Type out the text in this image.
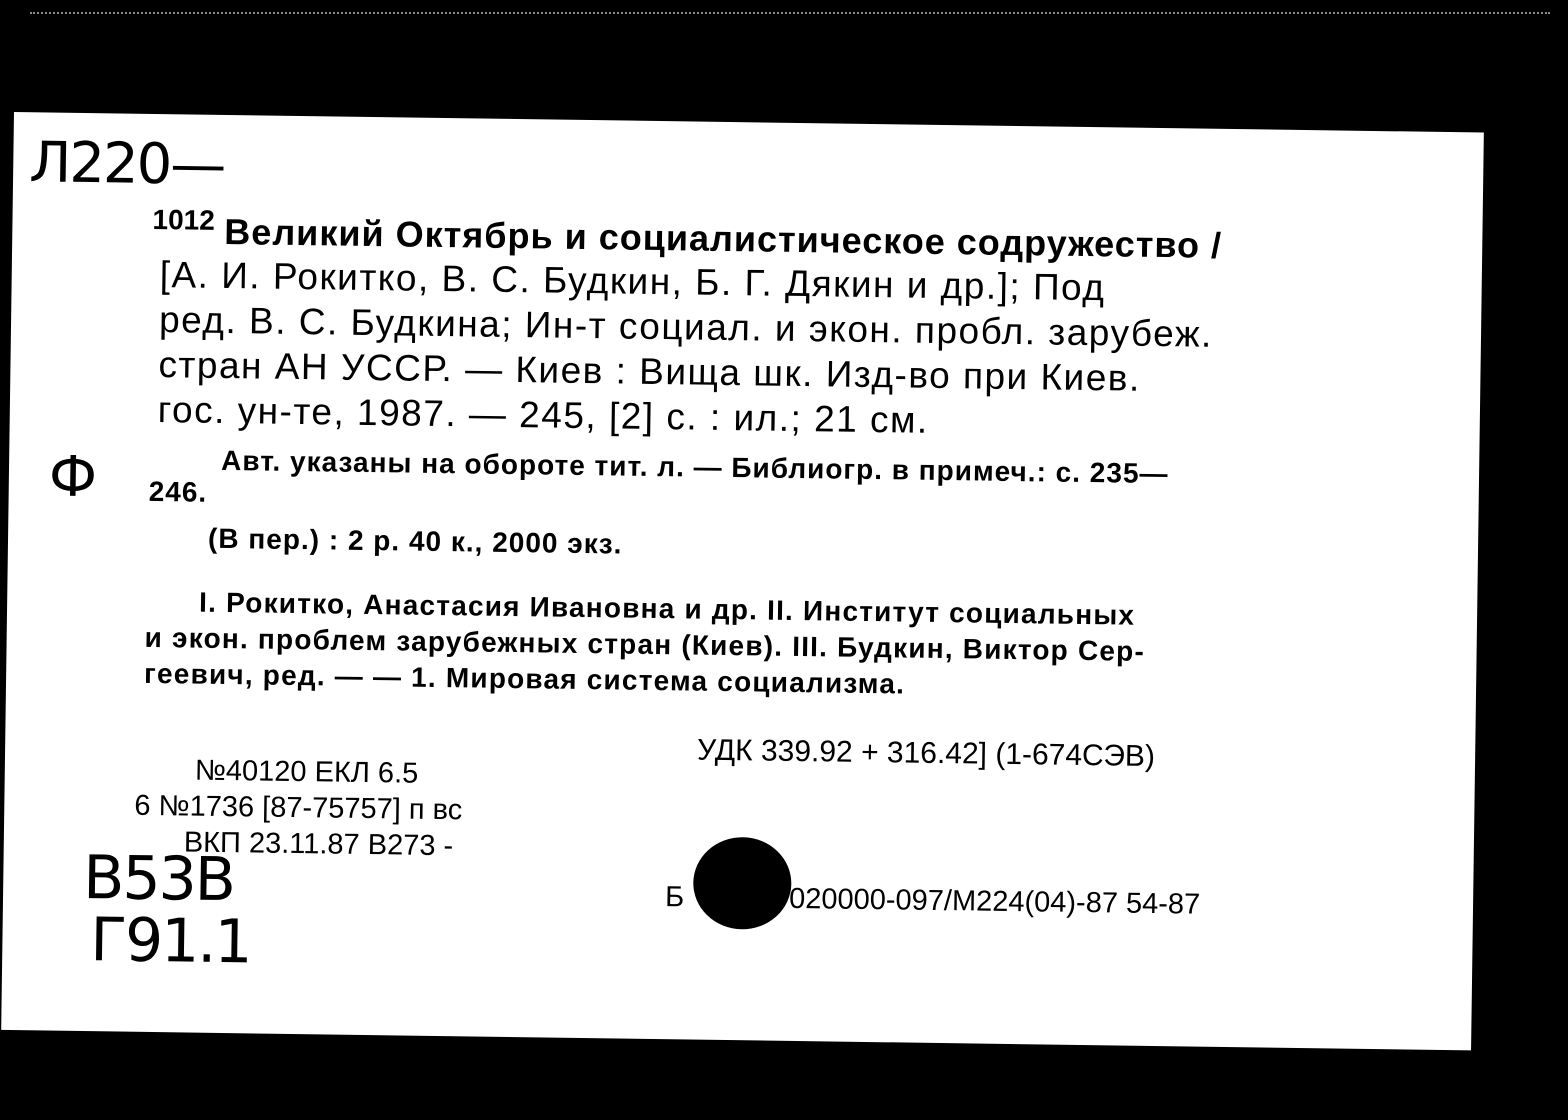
Л220—
1012 Великий Октябрь и социалистическое содружество /
[А. И. Рокитко, В. С. Будкин, Б. Г. Дякин и др.]; Под
ред. В. С. Будкина; Ин-т социал. и экон. пробл. зарубеж.
стран АН УССР. — Киев : Вища шк. Изд-во при Киев.
гос. ун-те, 1987. — 245, [2] с. : ил.; 21 см.
Ф	Авт. указаны на обороте тит. л. — Библиогр. в примеч.: с. 235—
246.
(В пер.) : 2 р. 40 к., 2000 экз.
I. Рокитко, Анастасия Ивановна и др. II. Институт социальных
и экон. проблем зарубежных стран (Киев). III. Будкин, Виктор Сер-
геевич, ред. — — 1. Мировая система социализма.
№40120 ЕКЛ 6.5
6 №1736 [87-75757] п вс
ВКП 23.11.87 В273 -
УДК 339.92 + 316.42] (1-674СЭВ)
Б	020000-097/М224(04)-87 54-87
В53В
Г91.1
